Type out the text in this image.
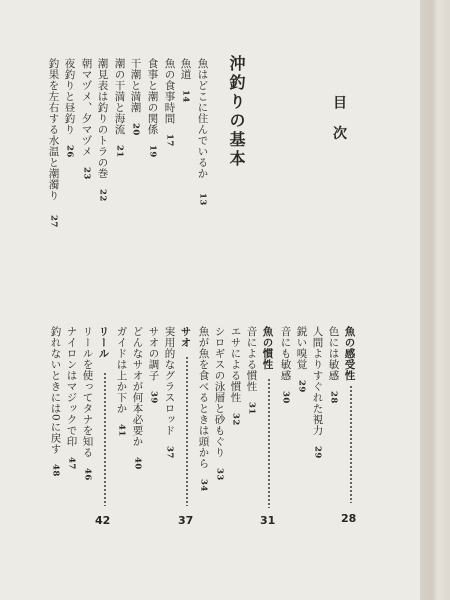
目 次
沖釣りの基本
魚はどこに住んでいるか 13
魚道 14
魚の食事時間 17
食事と潮の関係 19
干潮と満潮 20
潮の干満と海流 21
潮見表は釣りのトラの巻 22
朝マヅメ、夕マヅメ 23
夜釣りと昼釣り 26
釣果を左右する水温と潮濁り 27
魚の感受性
28
色には敏感 28
人間よりすぐれた視力 29
鋭い嗅覚 29
音にも敏感 30
魚の慣性
31
音による慣性 31
エサによる慣性 32
シロギスの泳層と砂もぐり 33
魚が魚を食べるときは頭から 34
サオ
37
実用的なグラスロッド 37
サオの調子 39
どんなサオが何本必要か 40
ガイドは上か下か 41
リール
42
リールを使ってタナを知る 46
ナイロンはマジックで印 47
釣れないときには0に戻す 48
